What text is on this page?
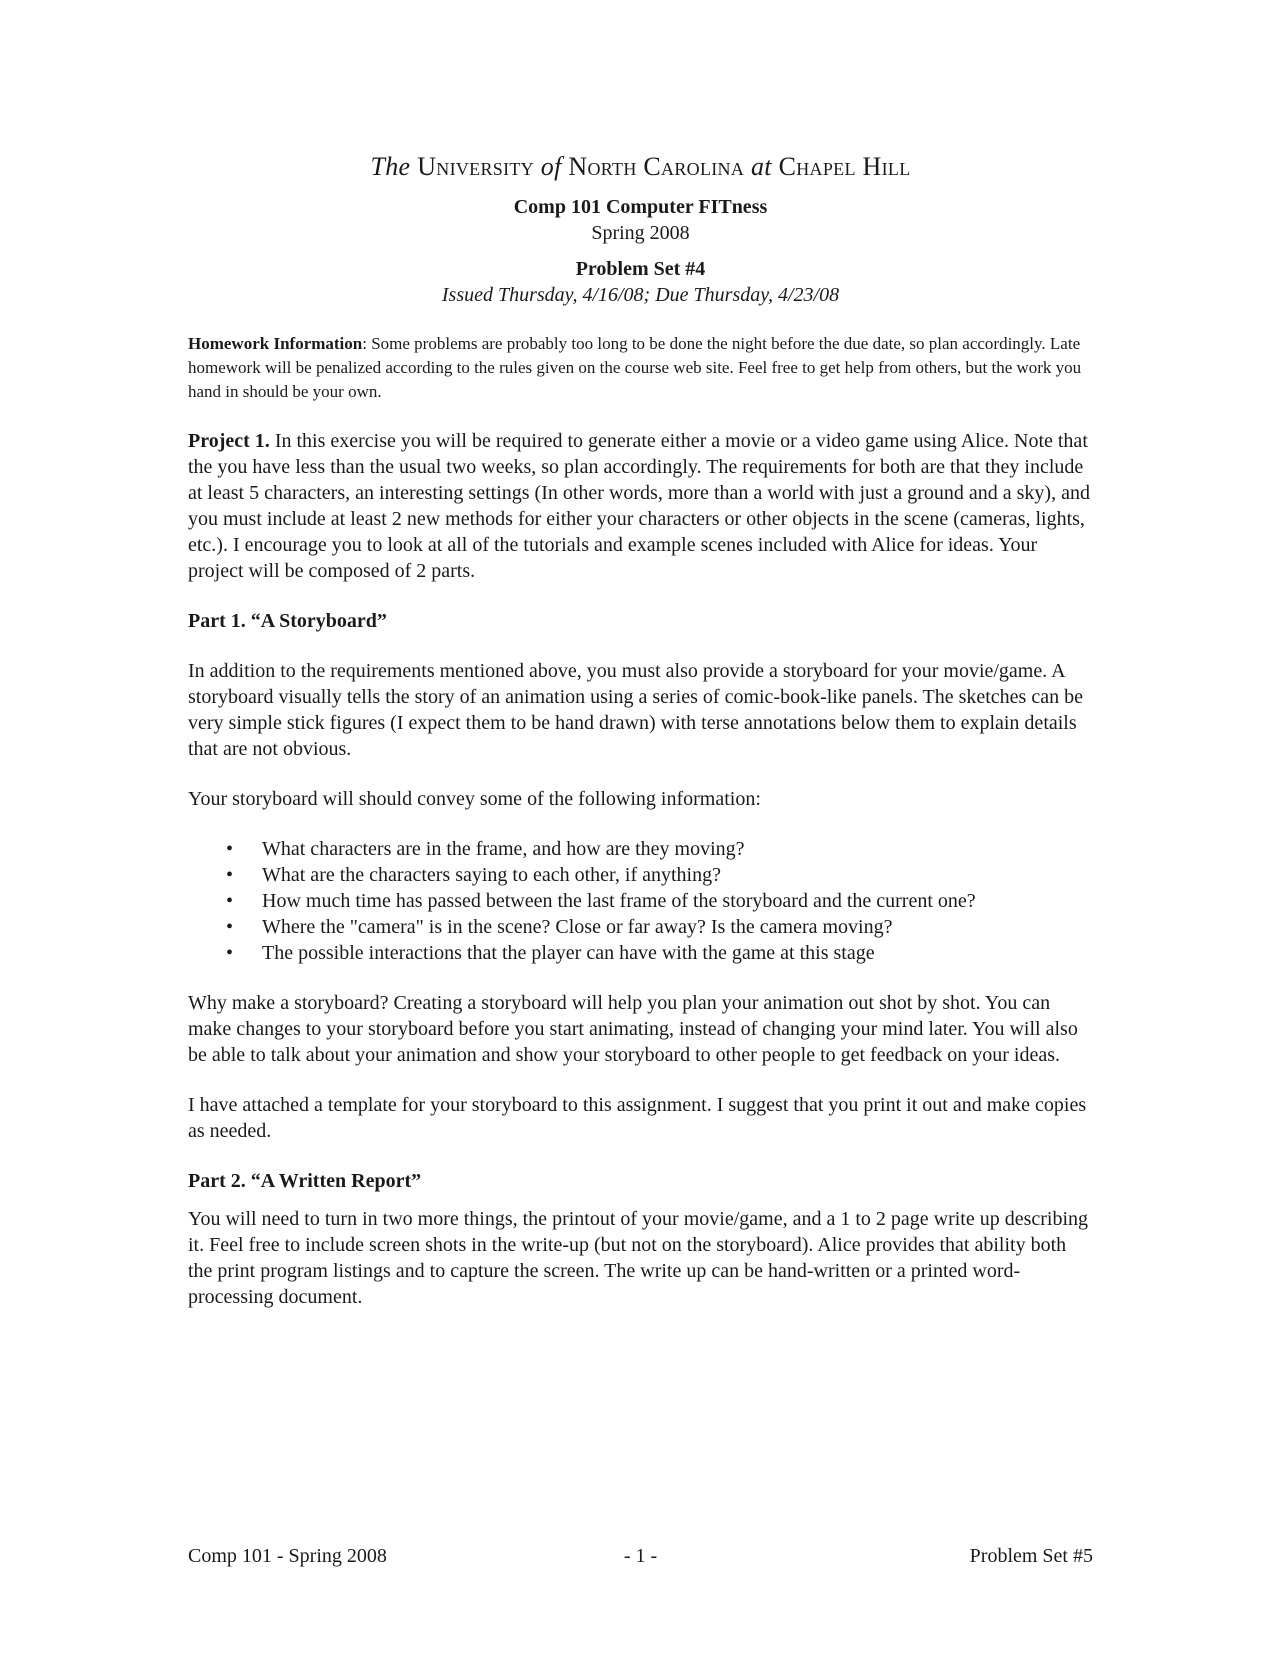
The University of North Carolina at Chapel Hill

Comp 101 Computer FITness

Spring 2008

Problem Set #4

Issued Thursday, 4/16/08; Due Thursday, 4/23/08

Homework Information: Some problems are probably too long to be done the night before the due date, so plan accordingly. Late homework will be penalized according to the rules given on the course web site. Feel free to get help from others, but the work you hand in should be your own.

Project 1. In this exercise you will be required to generate either a movie or a video game using Alice. Note that the you have less than the usual two weeks, so plan accordingly. The requirements for both are that they include at least 5 characters, an interesting settings (In other words, more than a world with just a ground and a sky), and you must include at least 2 new methods for either your characters or other objects in the scene (cameras, lights, etc.). I encourage you to look at all of the tutorials and example scenes included with Alice for ideas. Your project will be composed of 2 parts.

Part 1. “A Storyboard”

In addition to the requirements mentioned above, you must also provide a storyboard for your movie/game. A storyboard visually tells the story of an animation using a series of comic-book-like panels. The sketches can be very simple stick figures (I expect them to be hand drawn) with terse annotations below them to explain details that are not obvious.

Your storyboard will should convey some of the following information:

• What characters are in the frame, and how are they moving?
• What are the characters saying to each other, if anything?
• How much time has passed between the last frame of the storyboard and the current one?
• Where the "camera" is in the scene? Close or far away? Is the camera moving?
• The possible interactions that the player can have with the game at this stage

Why make a storyboard? Creating a storyboard will help you plan your animation out shot by shot. You can make changes to your storyboard before you start animating, instead of changing your mind later. You will also be able to talk about your animation and show your storyboard to other people to get feedback on your ideas.

I have attached a template for your storyboard to this assignment. I suggest that you print it out and make copies as needed.

Part 2. “A Written Report”

You will need to turn in two more things, the printout of your movie/game, and a 1 to 2 page write up describing it. Feel free to include screen shots in the write-up (but not on the storyboard). Alice provides that ability both the print program listings and to capture the screen. The write up can be hand-written or a printed word-processing document.

Comp 101 - Spring 2008	- 1 -	Problem Set #5
